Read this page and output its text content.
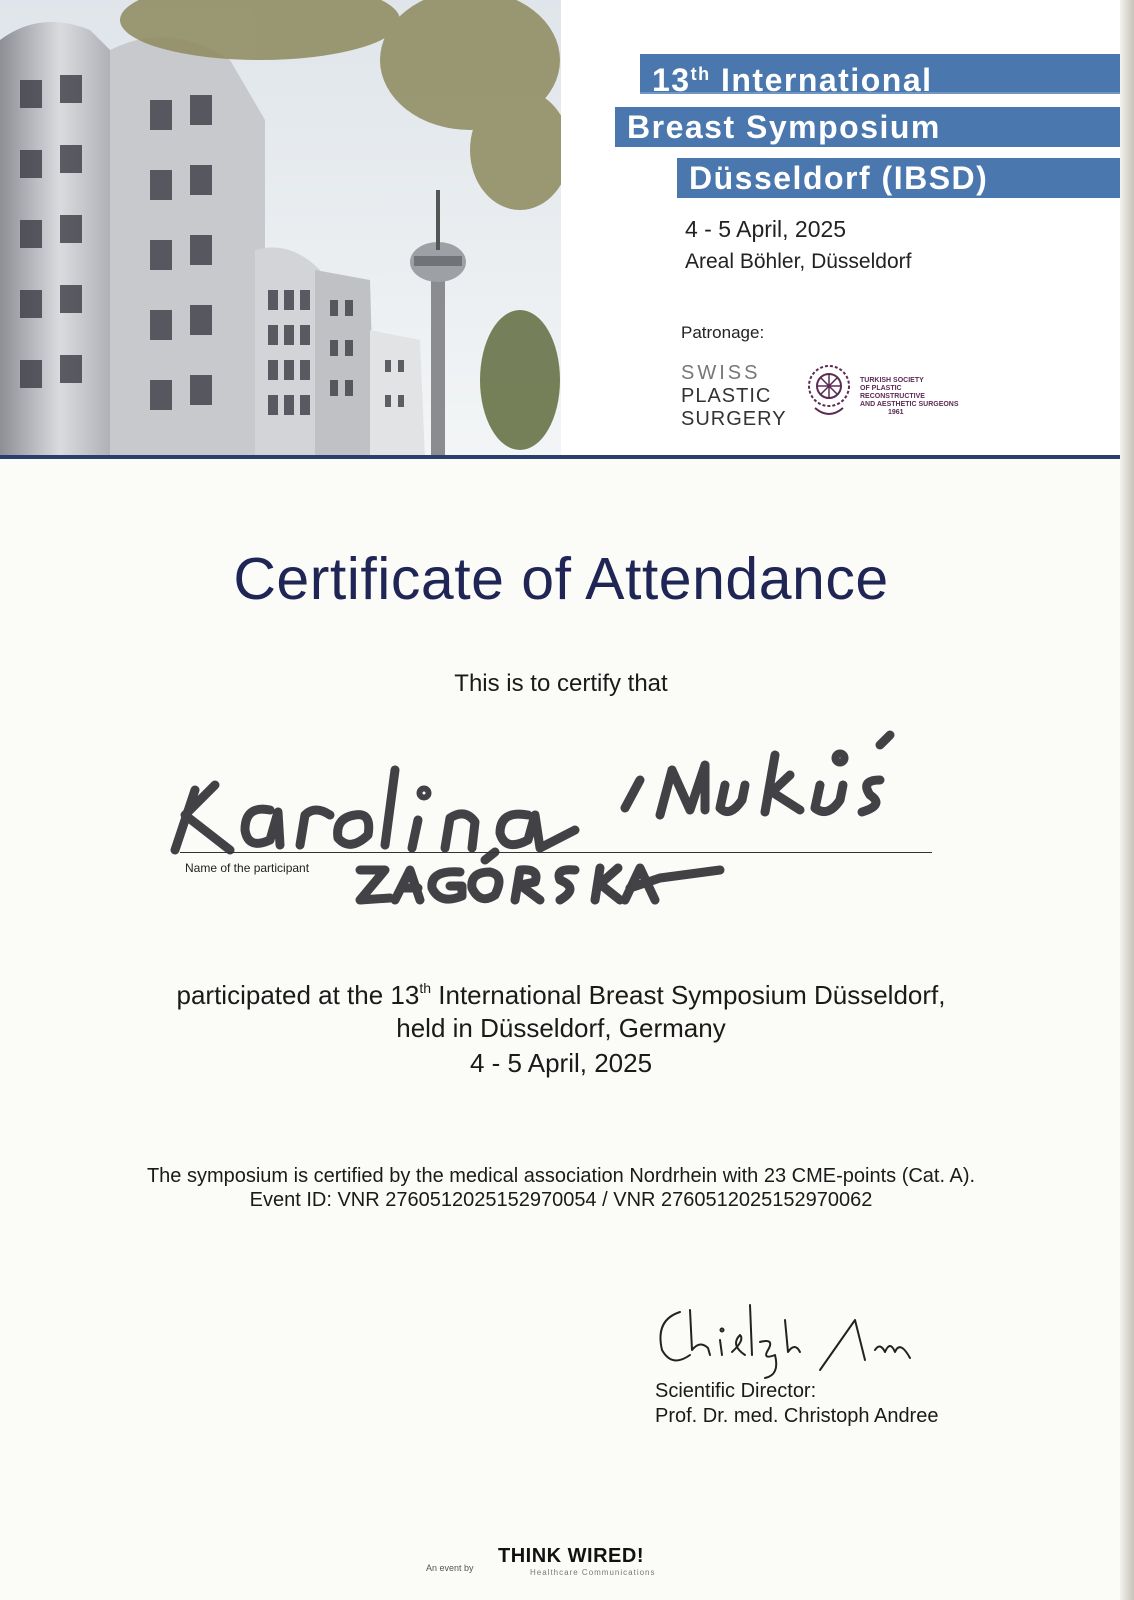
13th International
Breast Symposium
Düsseldorf (IBSD)
4 - 5 April, 2025
Areal Böhler, Düsseldorf
Patronage:
SWISS
PLASTIC
SURGERY
TURKISH SOCIETY
OF PLASTIC RECONSTRUCTIVE
AND AESTHETIC SURGEONS
1961
Certificate of Attendance
This is to certify that
Name of the participant
participated at the 13th International Breast Symposium Düsseldorf,
held in Düsseldorf, Germany
4 - 5 April, 2025
The symposium is certified by the medical association Nordrhein with 23 CME-points (Cat. A).
Event ID: VNR 2760512025152970054 / VNR 2760512025152970062
Scientific Director:
Prof. Dr. med. Christoph Andree
An event by
THINK WIRED!
Healthcare Communications
